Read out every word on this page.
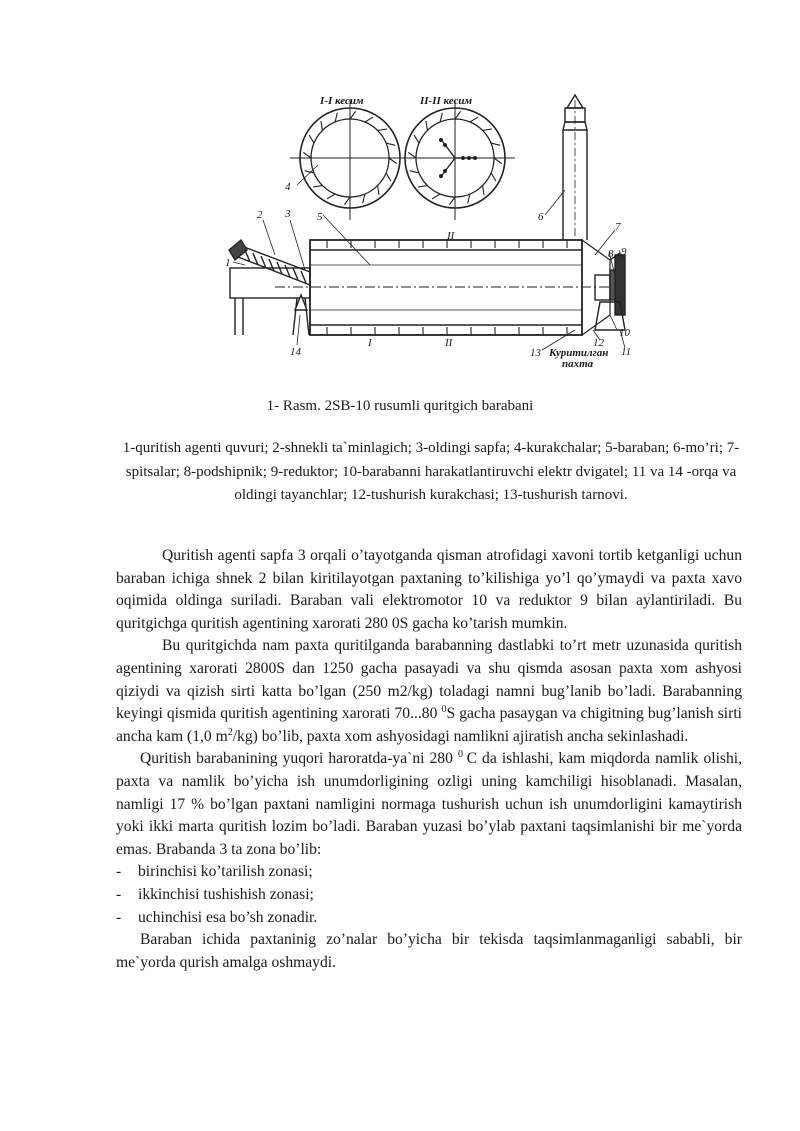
I-I кесим	II-II кесим
1
2 3
4
5	6
7
8 9
10
11
12
13
14
II
I	II
Куритилган
пахта
1- Rasm. 2SB-10 rusumli quritgich barabani
1-quritish agenti quvuri; 2-shnekli ta`minlagich; 3-oldingi sapfa; 4-kurakchalar; 5-baraban; 6-mo’ri; 7- spitsalar; 8-podshipnik; 9-reduktor; 10-barabanni harakatlantiruvchi elektr dvigatel; 11 va 14 -orqa va oldingi tayanchlar; 12-tushurish kurakchasi; 13-tushurish tarnovi.

Quritish agenti sapfa 3 orqali o’tayotganda qisman atrofidagi xavoni tortib ketganligi uchun baraban ichiga shnek 2 bilan kiritilayotgan paxtaning to’kilishiga yo’l qo’ymaydi va paxta xavo oqimida oldinga suriladi. Baraban vali elektromotor 10 va reduktor 9 bilan aylantiriladi. Bu quritgichga quritish agentining xarorati 280 0S gacha ko’tarish mumkin.

Bu quritgichda nam paxta quritilganda barabanning dastlabki to’rt metr uzunasida quritish agentining xarorati 2800S dan 1250 gacha pasayadi va shu qismda asosan paxta xom ashyosi qiziydi va qizish sirti katta bo’lgan (250 m2/kg) toladagi namni bug’lanib bo’ladi. Barabanning keyingi qismida quritish agentining xarorati 70...80 $^0$S gacha pasaygan va chigitning bug’lanish sirti ancha kam (1,0 $m^2/kg$) bo’lib, paxta xom ashyosidagi namlikni ajiratish ancha sekinlashadi.

Quritish barabanining yuqori haroratda-ya`ni 280 $^0$ C da ishlashi, kam miqdorda namlik olishi, paxta va namlik bo’yicha ish unumdorligining ozligi uning kamchiligi hisoblanadi. Masalan, namligi 17 % bo’lgan paxtani namligini normaga tushurish uchun ish unumdorligini kamaytirish yoki ikki marta quritish lozim bo’ladi. Baraban yuzasi bo’ylab paxtani taqsimlanishi bir me`yorda emas. Brabanda 3 ta zona bo’lib:

- birinchisi ko’tarilish zonasi;
- ikkinchisi tushishish zonasi;
- uchinchisi esa bo’sh zonadir.

Baraban ichida paxtaninig zo’nalar bo’yicha bir tekisda taqsimlanmaganligi sababli, bir me`yorda qurish amalga oshmaydi.
